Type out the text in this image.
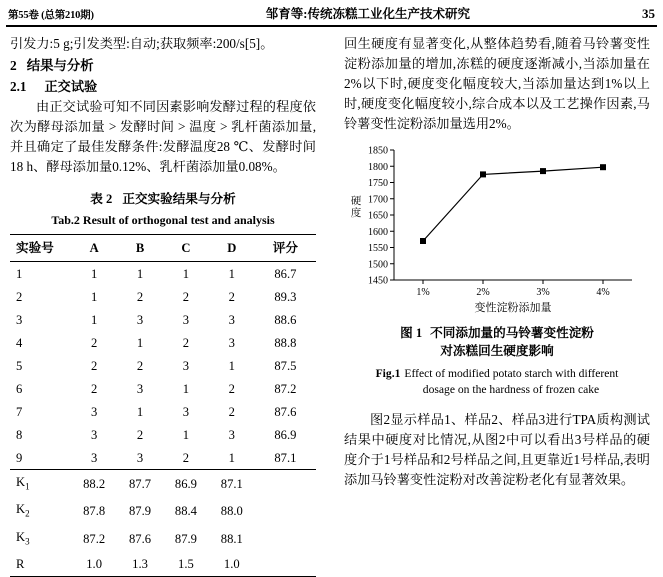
第55卷 (总第210期)	邹育等:传统冻糕工业化生产技术研究	35

引发力:5 g;引发类型:自动;获取频率:200/s[5]。

2 结果与分析

2.1 正交试验

由正交试验可知不同因素影响发酵过程的程度依次为酵母添加量 > 发酵时间 > 温度 > 乳杆菌添加量,并且确定了最佳发酵条件:发酵温度28 ℃、发酵时间18 h、酵母添加量0.12%、乳杆菌添加量0.08%。

表 2 正交实验结果与分析
Tab.2 Result of orthogonal test and analysis
实验号	A	B	C	D	评分
1	1	1	1	1	86.7
2	1	2	2	2	89.3
3	1	3	3	3	88.6
4	2	1	2	3	88.8
5	2	2	3	1	87.5
6	2	3	1	2	87.2
7	3	1	3	2	87.6
8	3	2	1	3	86.9
9	3	3	2	1	87.1
$K_1$	88.2	87.7	86.9	87.1	
$K_2$	87.8	87.9	88.4	88.0	
$K_3$	87.2	87.6	87.9	88.1	
R	1.0	1.3	1.5	1.0	

回生硬度有显著变化,从整体趋势看,随着马铃薯变性淀粉添加量的增加,冻糕的硬度逐渐减小,当添加量在2%以下时,硬度变化幅度较大,当添加量达到1%以上时,硬度变化幅度较小,综合成本以及工艺操作因素,马铃薯变性淀粉添加量选用2%。

硬
度
1850
1800
1750
1700
1650
1600
1550
1500
1450
1%	2%	3%	4%
变性淀粉添加量
图 1 不同添加量的马铃薯变性淀粉
对冻糕回生硬度影响
Fig.1 Effect of modified potato starch with different
dosage on the hardness of frozen cake

图2显示样品1、样品2、样品3进行TPA质构测试结果中硬度对比情况,从图2中可以看出3号样品的硬度介于1号样品和2号样品之间,且更靠近1号样品,表明添加马铃薯变性淀粉对改善淀粉老化有显著效果。
